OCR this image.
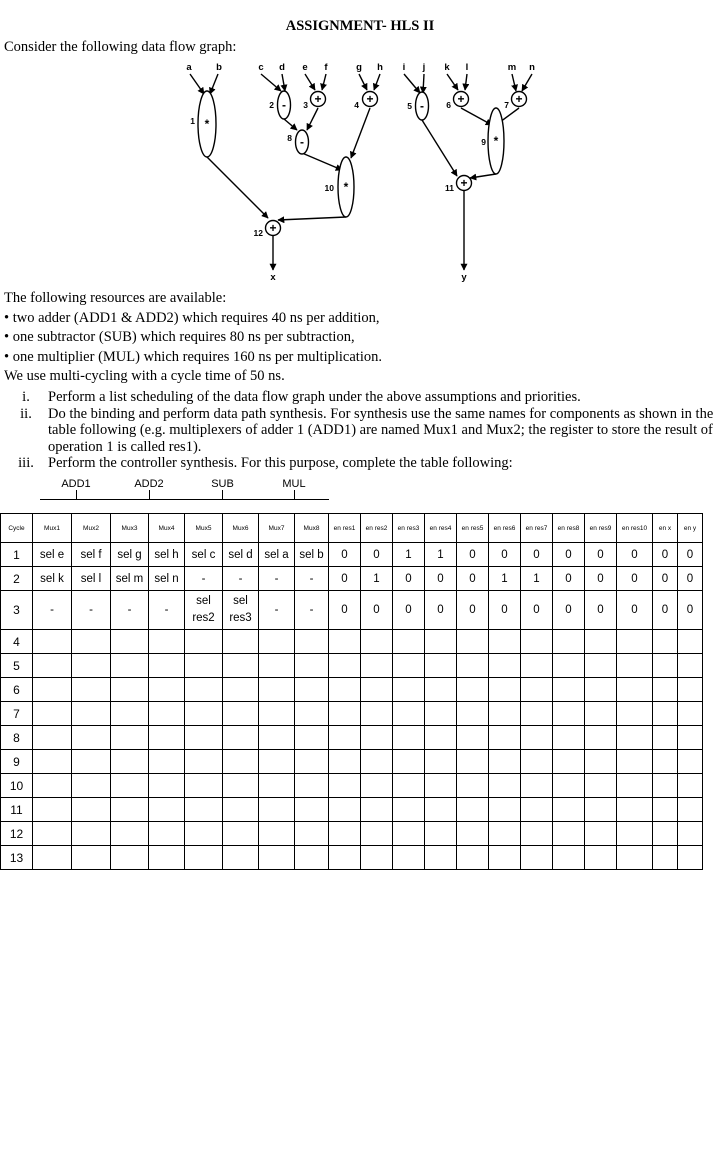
ASSIGNMENT- HLS II
Consider the following data flow graph:
a	b	c d e f	g h i j k l	m n
*
- +	+	-	+	+
-	*
*	+
+
1
2	3	4	5	6	7
8	9
10	11
12
x	y
The following resources are available:
• two adder (ADD1 & ADD2) which requires 40 ns per addition,
• one subtractor (SUB) which requires 80 ns per subtraction,
• one multiplier (MUL) which requires 160 ns per multiplication.
We use multi-cycling with a cycle time of 50 ns.
i.	Perform a list scheduling of the data flow graph under the above assumptions and priorities.
ii.	Do the binding and perform data path synthesis. For synthesis use the same names for components as shown in the table following (e.g. multiplexers of adder 1 (ADD1) are named Mux1 and Mux2; the register to store the result of operation 1 is called res1).
iii. Perform the controller synthesis. For this purpose, complete the table following:
ADD1	ADD2	SUB	MUL
Cycle	Mux1	Mux2	Mux3	Mux4	Mux5	Mux6	Mux7	Mux8	en res1	en res2	en res3	en res4	en res5	en res6	en res7	en res8	en res9	en res10	en x	en y
1	sel e	sel f	sel g	sel h	sel c	sel d	sel a	sel b	0	0	1	1	0	0	0	0	0	0	0	0
2	sel k	sel l	sel m	sel n	-	-	-	-	0	1	0	0	0	1	1	0	0	0	0	0
3	-	-	-	-	sel res2	sel res3	-	-	0	0	0	0	0	0	0	0	0	0	0	0
4																				
5																				
6																				
7																				
8																				
9																				
10																				
11																				
12																				
13																				
